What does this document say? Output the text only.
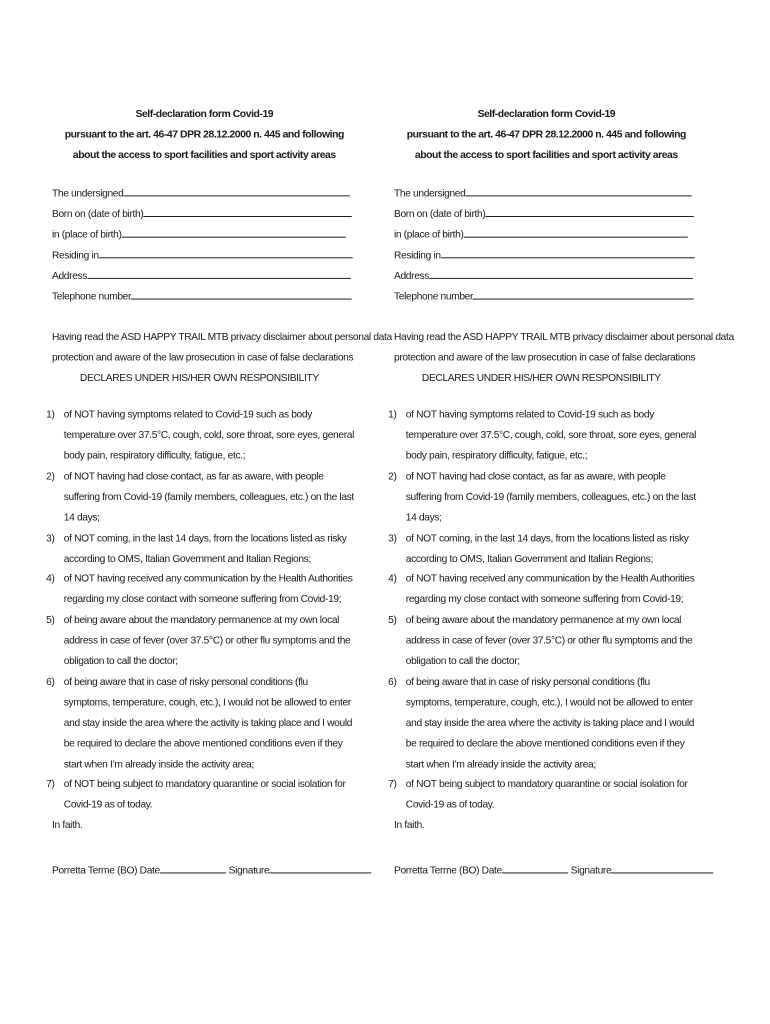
Self-declaration form Covid-19
pursuant to the art. 46-47 DPR 28.12.2000 n. 445 and following
about the access to sport facilities and sport activity areas
The undersigned
Born on (date of birth)
in (place of birth)
Residing in
Address
Telephone number
Having read the ASD HAPPY TRAIL MTB privacy disclaimer about personal data
protection and aware of the law prosecution in case of false declarations
DECLARES UNDER HIS/HER OWN RESPONSIBILITY
1) of NOT having symptoms related to Covid-19 such as body temperature over 37.5°C, cough, cold, sore throat, sore eyes, general body pain, respiratory difficulty, fatigue, etc.;
2) of NOT having had close contact, as far as aware, with people suffering from Covid-19 (family members, colleagues, etc.) on the last 14 days;
3) of NOT coming, in the last 14 days, from the locations listed as risky according to OMS, Italian Government and Italian Regions;
4) of NOT having received any communication by the Health Authorities regarding my close contact with someone suffering from Covid-19;
5) of being aware about the mandatory permanence at my own local address in case of fever (over 37.5°C) or other flu symptoms and the obligation to call the doctor;
6) of being aware that in case of risky personal conditions (flu symptoms, temperature, cough, etc.), I would not be allowed to enter and stay inside the area where the activity is taking place and I would be required to declare the above mentioned conditions even if they start when I’m already inside the activity area;
7) of NOT being subject to mandatory quarantine or social isolation for Covid-19 as of today.
In faith.
Porretta Terme (BO) Date	Signature
Self-declaration form Covid-19
pursuant to the art. 46-47 DPR 28.12.2000 n. 445 and following
about the access to sport facilities and sport activity areas
The undersigned
Born on (date of birth)
in (place of birth)
Residing in
Address
Telephone number
Having read the ASD HAPPY TRAIL MTB privacy disclaimer about personal data
protection and aware of the law prosecution in case of false declarations
DECLARES UNDER HIS/HER OWN RESPONSIBILITY
1) of NOT having symptoms related to Covid-19 such as body temperature over 37.5°C, cough, cold, sore throat, sore eyes, general body pain, respiratory difficulty, fatigue, etc.;
2) of NOT having had close contact, as far as aware, with people suffering from Covid-19 (family members, colleagues, etc.) on the last 14 days;
3) of NOT coming, in the last 14 days, from the locations listed as risky according to OMS, Italian Government and Italian Regions;
4) of NOT having received any communication by the Health Authorities regarding my close contact with someone suffering from Covid-19;
5) of being aware about the mandatory permanence at my own local address in case of fever (over 37.5°C) or other flu symptoms and the obligation to call the doctor;
6) of being aware that in case of risky personal conditions (flu symptoms, temperature, cough, etc.), I would not be allowed to enter and stay inside the area where the activity is taking place and I would be required to declare the above mentioned conditions even if they start when I’m already inside the activity area;
7) of NOT being subject to mandatory quarantine or social isolation for Covid-19 as of today.
In faith.
Porretta Terme (BO) Date	Signature
